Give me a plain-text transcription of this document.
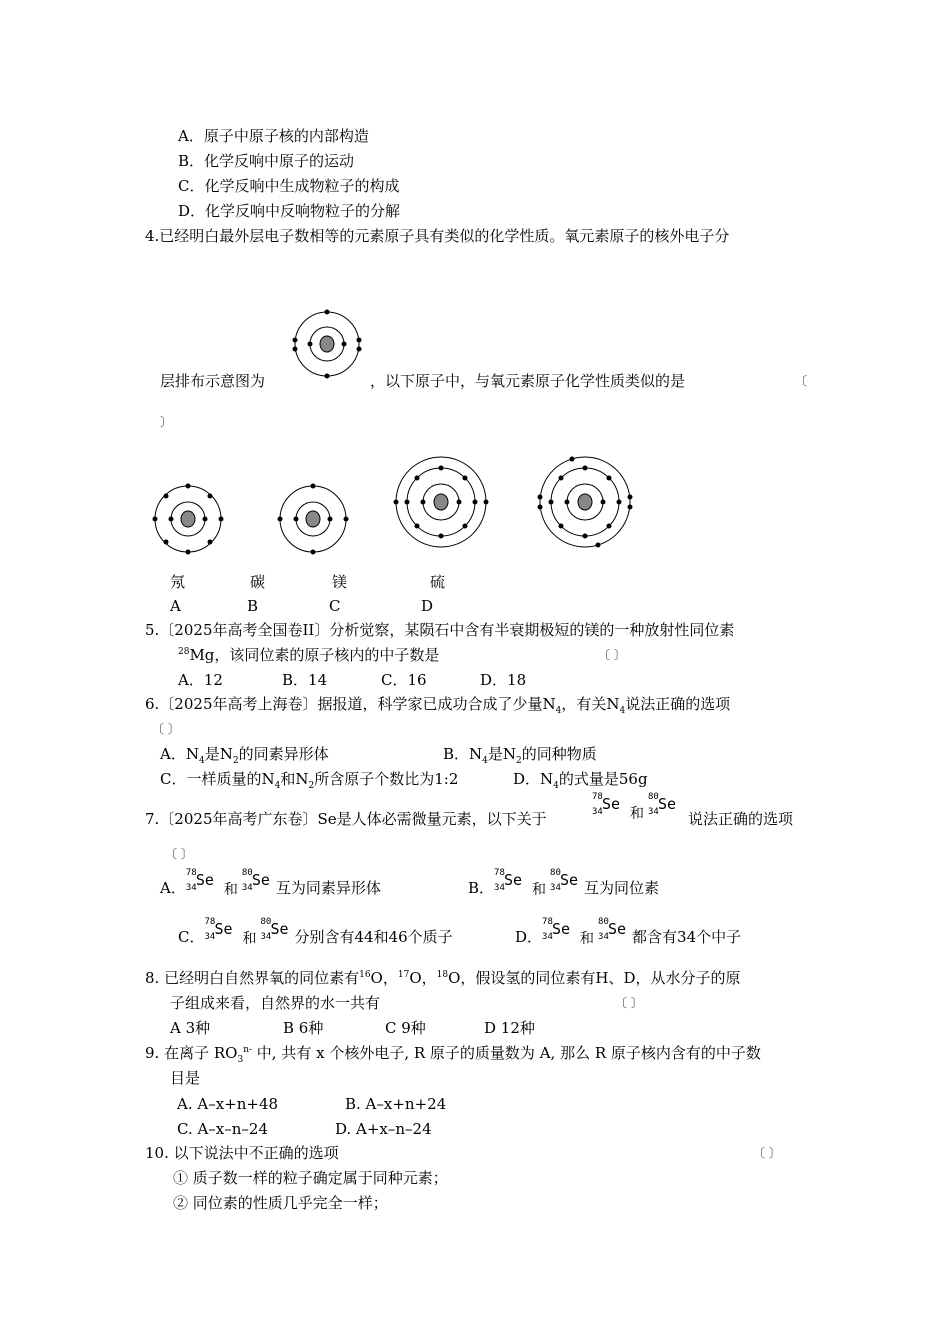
A．原子中原子核的内部构造
B．化学反响中原子的运动
C．化学反响中生成物粒子的构成
D．化学反响中反响物粒子的分解
4.已经明白最外层电子数相等的元素原子具有类似的化学性质。氧元素原子的核外电子分
层排布示意图为	，以下原子中，与氧元素原子化学性质类似的是	〔
〕
氖	碳	镁	硫
A	B	C	D
5.〔2025年高考全国卷II〕分析觉察，某陨石中含有半衰期极短的镁的一种放射性同位素
$^{28}$Mg，该同位素的原子核内的中子数是	〔 〕
A．12	B．14	C．16	D．18
6.〔2025年高考上海卷〕据报道，科学家已成功合成了少量$N_4$，有关$N_4$说法正确的选项
〔 〕
A．$N_4$是$N_2$的同素异形体	B．$N_4$是$N_2$的同种物质
C．一样质量的$N_4$和$N_2$所含原子个数比为1:2	D．$N_4$的式量是56g
7.〔2025年高考广东卷〕Se是人体必需微量元素，以下关于
78
34 Se
和
80
34 Se
说法正确的选项
〔 〕
A．
78
34 Se
和
80
34 Se 互为同素异形体	B．
78
34 Se
和
80
34 Se 互为同位素
C．
78
34 Se
和
80
34 Se 分别含有44和46个质子	D．
78
34 Se
和
80
34 Se 都含有34个中子
8. 已经明白自然界氧的同位素有$^{16}$O，$^{17}$O，$^{18}$O，假设氢的同位素有H、D，从水分子的原
子组成来看，自然界的水一共有	〔 〕
A 3种	B 6种	C 9种	D 12种
9. 在离子 $RO_3^{n-}$ 中, 共有 x 个核外电子, R 原子的质量数为 A, 那么 R 原子核内含有的中子数
目是
A. A–x+n+48	B. A–x+n+24
C. A–x–n–24	D. A+x–n–24
10. 以下说法中不正确的选项	〔 〕
① 质子数一样的粒子确定属于同种元素；
② 同位素的性质几乎完全一样；
